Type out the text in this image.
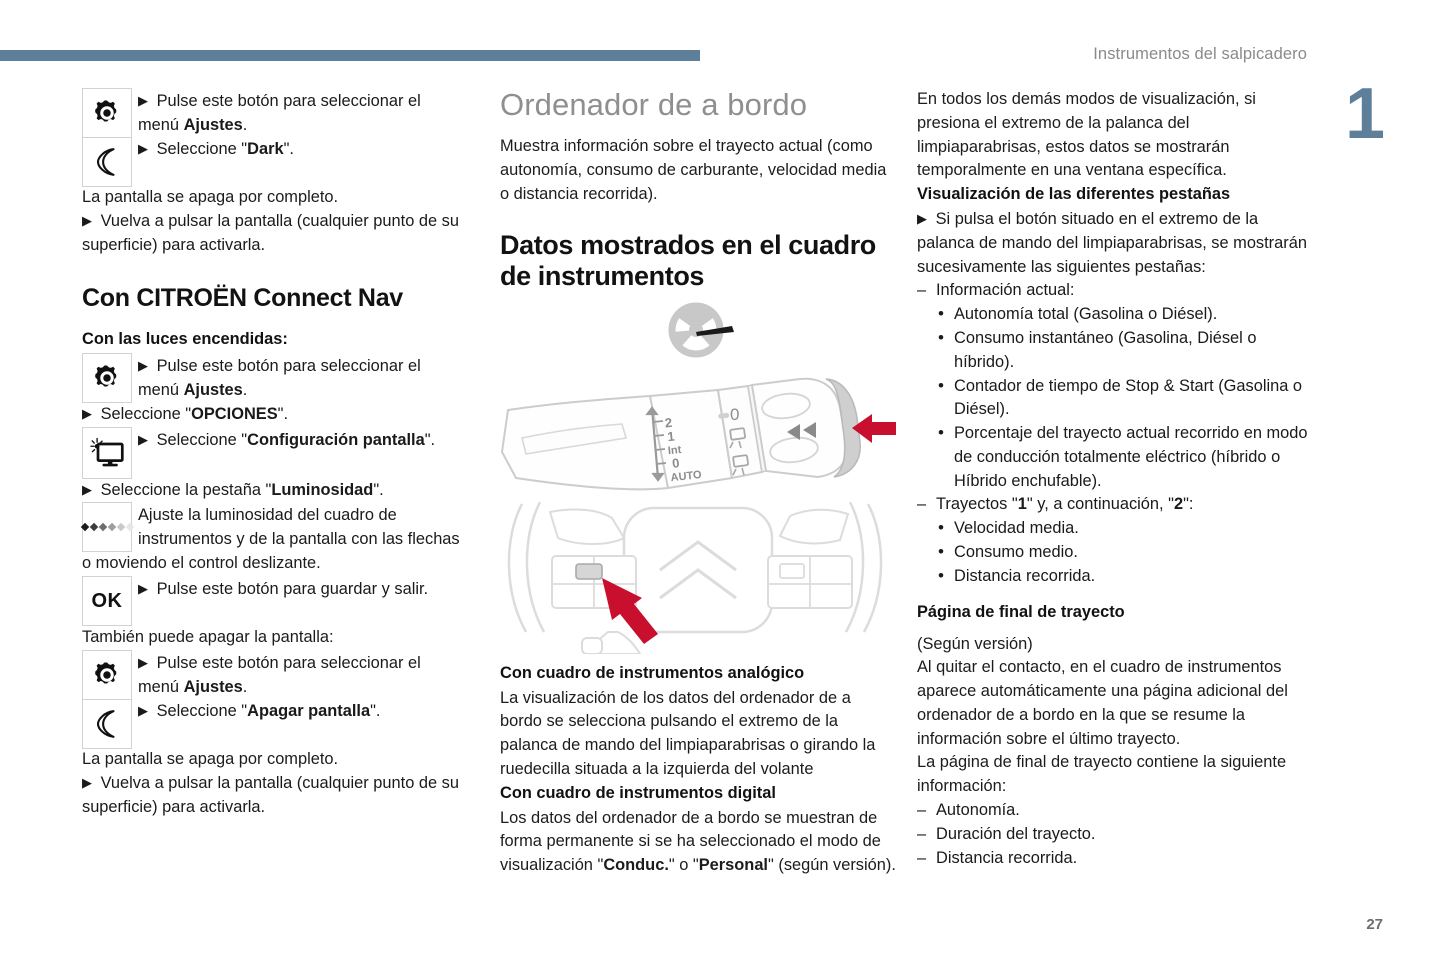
Instrumentos del salpicadero
1
27
▶ Pulse este botón para seleccionar el
menú Ajustes.
▶ Seleccione "Dark".
La pantalla se apaga por completo.
▶ Vuelva a pulsar la pantalla (cualquier punto de su superficie) para activarla.
Con CITROËN Connect Nav
Con las luces encendidas:
▶ Pulse este botón para seleccionar el
menú Ajustes.
▶ Seleccione "OPCIONES".
▶ Seleccione "Configuración pantalla".
▶ Seleccione la pestaña "Luminosidad".
Ajuste la luminosidad del cuadro de instrumentos y de la pantalla con las flechas
o moviendo el control deslizante.
OK
▶ Pulse este botón para guardar y salir.
También puede apagar la pantalla:
▶ Pulse este botón para seleccionar el
menú Ajustes.
▶ Seleccione "Apagar pantalla".
La pantalla se apaga por completo.
▶ Vuelva a pulsar la pantalla (cualquier punto de su superficie) para activarla.
Ordenador de a bordo
Muestra información sobre el trayecto actual (como autonomía, consumo de carburante, velocidad media o distancia recorrida).
Datos mostrados en el cuadro de instrumentos
2
1
Int
0
AUTO
0
Con cuadro de instrumentos analógico
La visualización de los datos del ordenador de a bordo se selecciona pulsando el extremo de la palanca de mando del limpiaparabrisas o girando la ruedecilla situada a la izquierda del volante
Con cuadro de instrumentos digital
Los datos del ordenador de a bordo se muestran de forma permanente si se ha seleccionado el modo de visualización "Conduc." o "Personal" (según versión).
En todos los demás modos de visualización, si presiona el extremo de la palanca del limpiaparabrisas, estos datos se mostrarán temporalmente en una ventana específica.
Visualización de las diferentes pestañas
▶ Si pulsa el botón situado en el extremo de la palanca de mando del limpiaparabrisas, se mostrarán sucesivamente las siguientes pestañas:
– Información actual:
• Autonomía total (Gasolina o Diésel).
• Consumo instantáneo (Gasolina, Diésel o híbrido).
• Contador de tiempo de Stop & Start (Gasolina o Diésel).
• Porcentaje del trayecto actual recorrido en modo de conducción totalmente eléctrico (híbrido o Híbrido enchufable).
– Trayectos "1" y, a continuación, "2":
• Velocidad media.
• Consumo medio.
• Distancia recorrida.
Página de final de trayecto
(Según versión)
Al quitar el contacto, en el cuadro de instrumentos aparece automáticamente una página adicional del ordenador de a bordo en la que se resume la información sobre el último trayecto.
La página de final de trayecto contiene la siguiente información:
– Autonomía.
– Duración del trayecto.
– Distancia recorrida.
